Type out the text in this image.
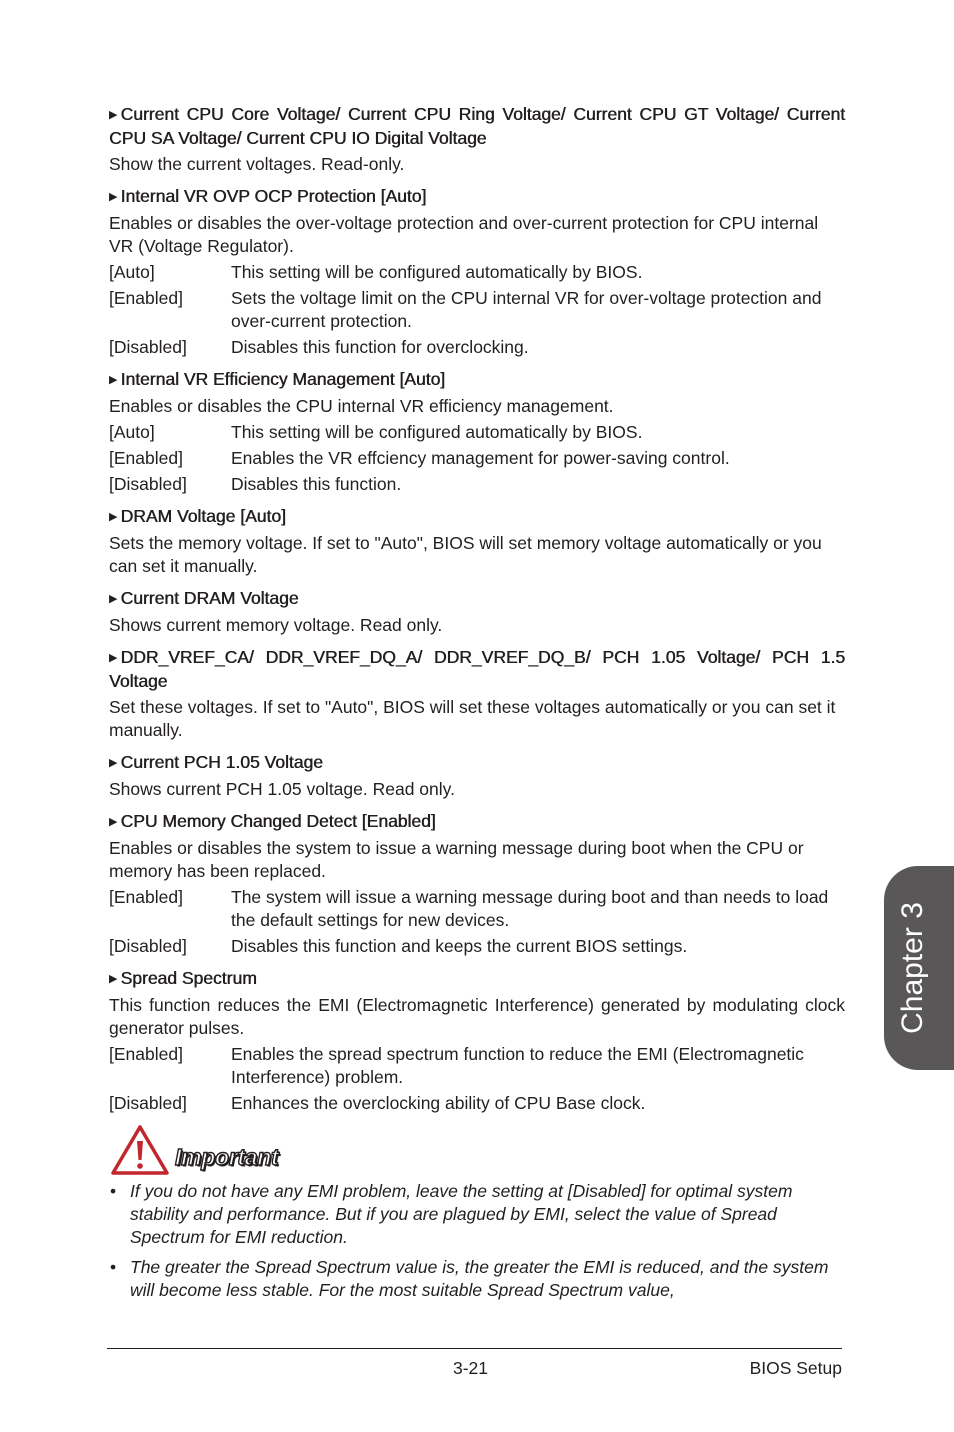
▶ Current CPU Core Voltage/ Current CPU Ring Voltage/ Current CPU GT Voltage/ Current CPU SA Voltage/ Current CPU IO Digital Voltage

Show the current voltages. Read-only.

▶ Internal VR OVP OCP Protection [Auto]

Enables or disables the over-voltage protection and over-current protection for CPU internal VR (Voltage Regulator).

[Auto]	This setting will be configured automatically by BIOS.
[Enabled]	Sets the voltage limit on the CPU internal VR for over-voltage protection and over-current protection.
[Disabled]	Disables this function for overclocking.

▶ Internal VR Efficiency Management [Auto]

Enables or disables the CPU internal VR efficiency management.

[Auto]	This setting will be configured automatically by BIOS.
[Enabled]	Enables the VR effciency management for power-saving control.
[Disabled]	Disables this function.

▶ DRAM Voltage [Auto]

Sets the memory voltage. If set to "Auto", BIOS will set memory voltage automatically or you can set it manually.

▶ Current DRAM Voltage

Shows current memory voltage. Read only.

▶ DDR_VREF_CA/ DDR_VREF_DQ_A/ DDR_VREF_DQ_B/ PCH 1.05 Voltage/ PCH 1.5 Voltage

Set these voltages. If set to "Auto", BIOS will set these voltages automatically or you can set it manually.

▶ Current PCH 1.05 Voltage

Shows current PCH 1.05 voltage. Read only.

▶ CPU Memory Changed Detect [Enabled]

Enables or disables the system to issue a warning message during boot when the CPU or memory has been replaced.

[Enabled]	The system will issue a warning message during boot and than needs to load the default settings for new devices.
[Disabled]	Disables this function and keeps the current BIOS settings.

▶ Spread Spectrum

This function reduces the EMI (Electromagnetic Interference) generated by modulating clock generator pulses.

[Enabled]	Enables the spread spectrum function to reduce the EMI (Electromagnetic Interference) problem.
[Disabled]	Enhances the overclocking ability of CPU Base clock.
Important
• If you do not have any EMI problem, leave the setting at [Disabled] for optimal system stability and performance. But if you are plagued by EMI, select the value of Spread Spectrum for EMI reduction.
• The greater the Spread Spectrum value is, the greater the EMI is reduced, and the system will become less stable. For the most suitable Spread Spectrum value,
Chapter 3
3-21	BIOS Setup
